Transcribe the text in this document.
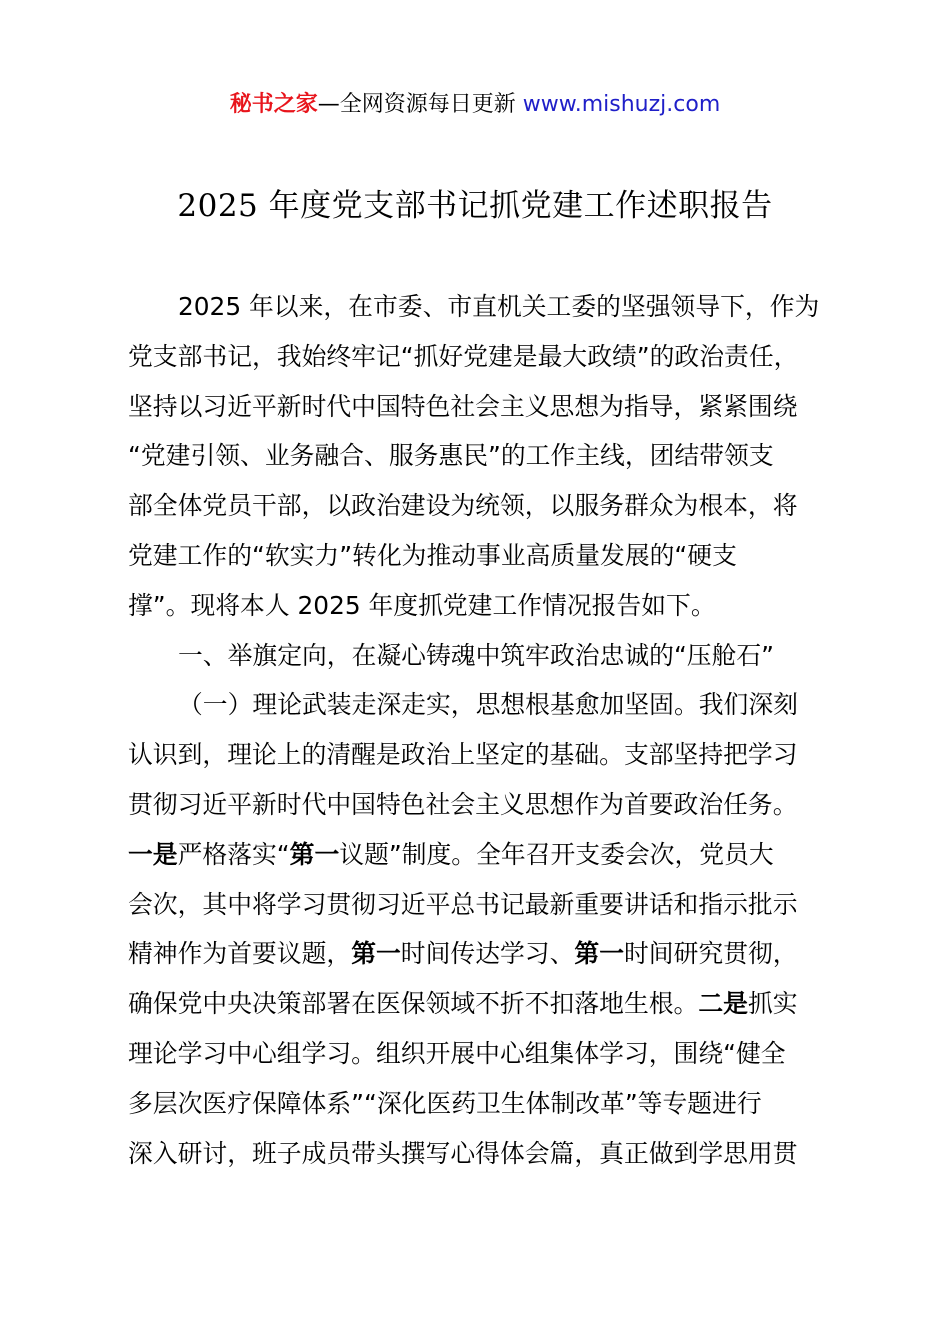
秘书之家—全网资源每日更新 www.mishuzj.com
2025 年度党支部书记抓党建工作述职报告
2025 年以来，在市委、市直机关工委的坚强领导下，作为
党支部书记，我始终牢记“抓好党建是最大政绩”的政治责任，
坚持以习近平新时代中国特色社会主义思想为指导，紧紧围绕
“党建引领、业务融合、服务惠民”的工作主线，团结带领支
部全体党员干部，以政治建设为统领，以服务群众为根本，将
党建工作的“软实力”转化为推动事业高质量发展的“硬支
撑”。现将本人 2025 年度抓党建工作情况报告如下。
一、举旗定向，在凝心铸魂中筑牢政治忠诚的“压舱石”
（一）理论武装走深走实，思想根基愈加坚固。我们深刻
认识到，理论上的清醒是政治上坚定的基础。支部坚持把学习
贯彻习近平新时代中国特色社会主义思想作为首要政治任务。
一是严格落实“第一议题”制度。全年召开支委会次，党员大
会次，其中将学习贯彻习近平总书记最新重要讲话和指示批示
精神作为首要议题，第一时间传达学习、第一时间研究贯彻，
确保党中央决策部署在医保领域不折不扣落地生根。二是抓实
理论学习中心组学习。组织开展中心组集体学习，围绕“健全
多层次医疗保障体系”“深化医药卫生体制改革”等专题进行
深入研讨，班子成员带头撰写心得体会篇，真正做到学思用贯
